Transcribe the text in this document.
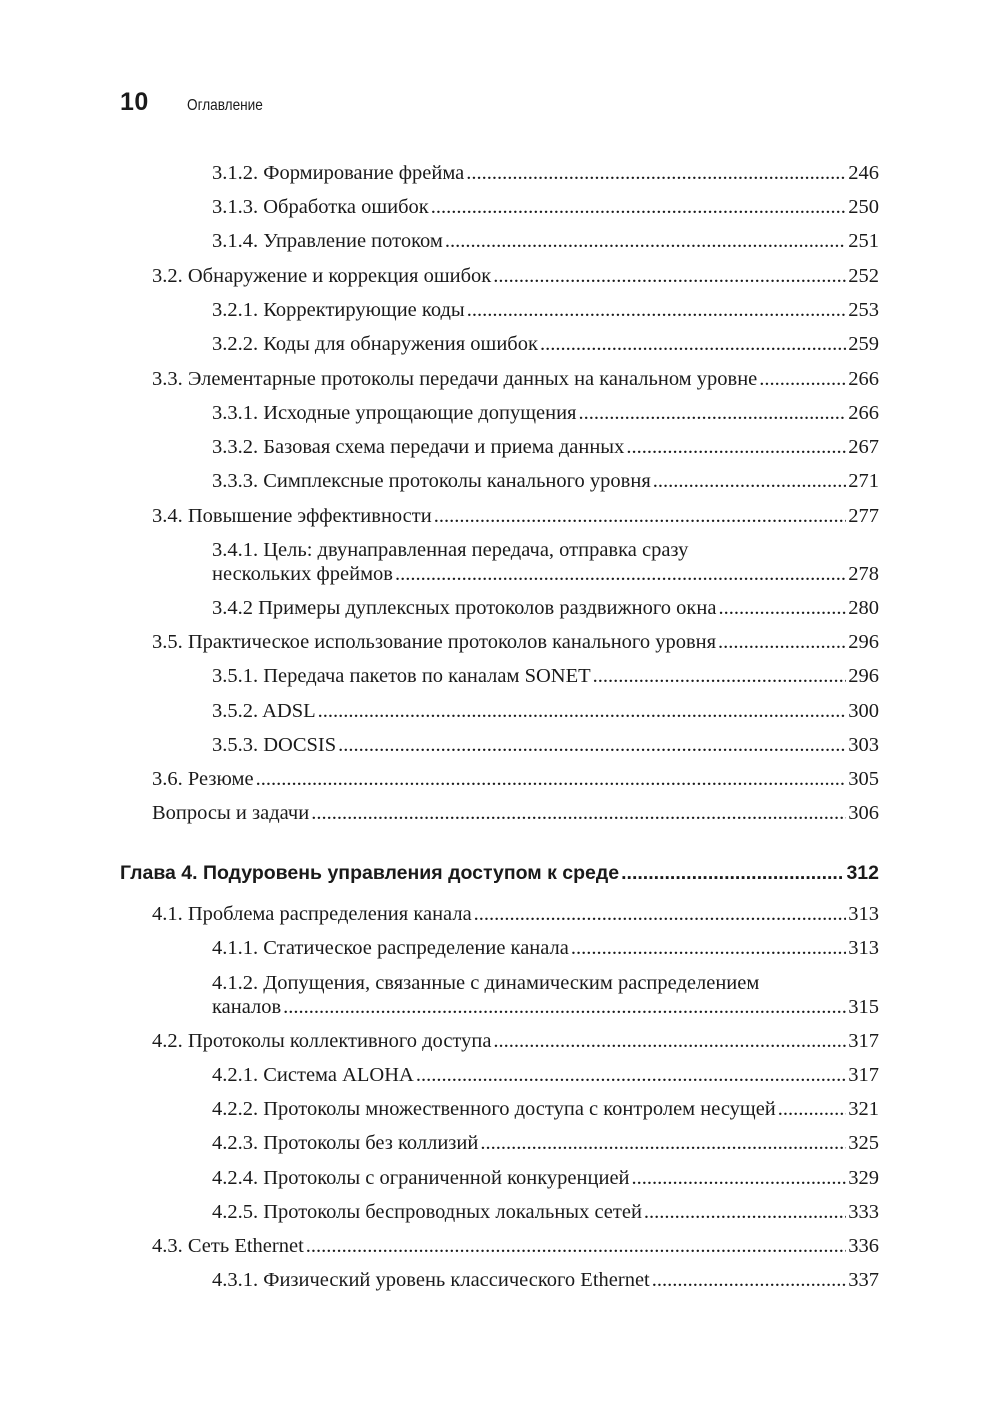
10 Оглавление
3.1.2. Формирование фрейма .....	246
3.1.3. Обработка ошибок .....	250
3.1.4. Управление потоком .....	251
3.2. Обнаружение и коррекция ошибок .....	252
3.2.1. Корректирующие коды .....	253
3.2.2. Коды для обнаружения ошибок .....	259
3.3. Элементарные протоколы передачи данных на канальном уровне .....	266
3.3.1. Исходные упрощающие допущения .....	266
3.3.2. Базовая схема передачи и приема данных .....	267
3.3.3. Симплексные протоколы канального уровня .....	271
3.4. Повышение эффективности .....	277
3.4.1. Цель: двунаправленная передача, отправка сразу
нескольких фреймов .....	278
3.4.2 Примеры дуплексных протоколов раздвижного окна .....	280
3.5. Практическое использование протоколов канального уровня .....	296
3.5.1. Передача пакетов по каналам SONET .....	296
3.5.2. ADSL .....	300
3.5.3. DOCSIS .....	303
3.6. Резюме .....	305
Вопросы и задачи .....	306
Глава 4. Подуровень управления доступом к среде .....	312
4.1. Проблема распределения канала .....	313
4.1.1. Статическое распределение канала .....	313
4.1.2. Допущения, связанные с динамическим распределением
каналов .....	315
4.2. Протоколы коллективного доступа .....	317
4.2.1. Система ALOHA .....	317
4.2.2. Протоколы множественного доступа с контролем несущей .....	321
4.2.3. Протоколы без коллизий .....	325
4.2.4. Протоколы с ограниченной конкуренцией .....	329
4.2.5. Протоколы беспроводных локальных сетей .....	333
4.3. Сеть Ethernet .....	336
4.3.1. Физический уровень классического Ethernet .....	337
